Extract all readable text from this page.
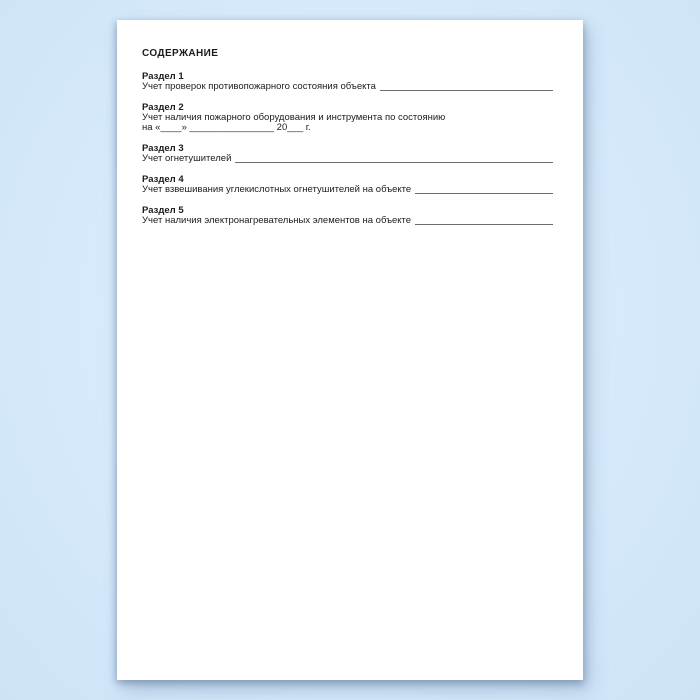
СОДЕРЖАНИЕ
Раздел 1
Учет проверок противопожарного состояния объекта
Раздел 2
Учет наличия пожарного оборудования и инструмента по состоянию
на «____» ________________ 20___ г.
Раздел 3
Учет огнетушителей
Раздел 4
Учет взвешивания углекислотных огнетушителей на объекте
Раздел 5
Учет наличия электронагревательных элементов на объекте
